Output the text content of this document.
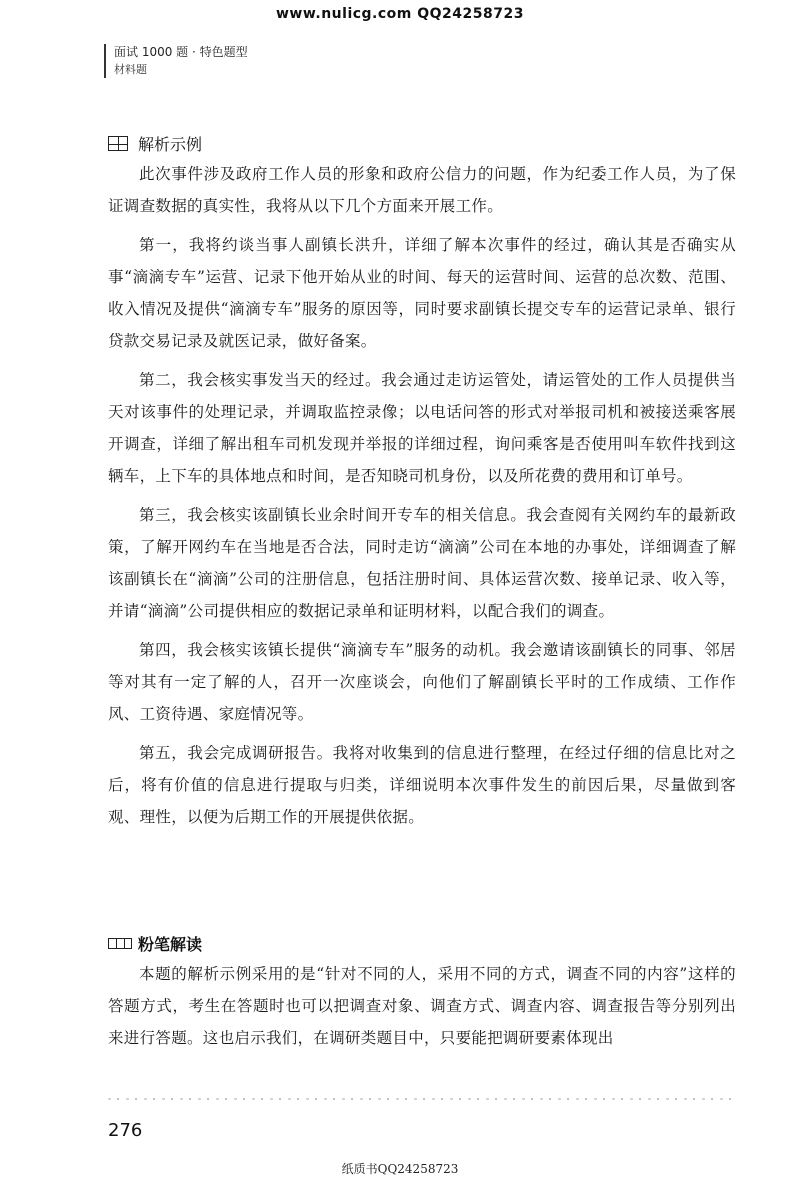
www.nulicg.com QQ24258723
面试 1000 题 · 特色题型
材料题
解析示例

此次事件涉及政府工作人员的形象和政府公信力的问题，作为纪委工作人员，为了保证调查数据的真实性，我将从以下几个方面来开展工作。

第一，我将约谈当事人副镇长洪升，详细了解本次事件的经过，确认其是否确实从事“滴滴专车”运营、记录下他开始从业的时间、每天的运营时间、运营的总次数、范围、收入情况及提供“滴滴专车”服务的原因等，同时要求副镇长提交专车的运营记录单、银行贷款交易记录及就医记录，做好备案。

第二，我会核实事发当天的经过。我会通过走访运管处，请运管处的工作人员提供当天对该事件的处理记录，并调取监控录像；以电话问答的形式对举报司机和被接送乘客展开调查，详细了解出租车司机发现并举报的详细过程，询问乘客是否使用叫车软件找到这辆车，上下车的具体地点和时间，是否知晓司机身份，以及所花费的费用和订单号。

第三，我会核实该副镇长业余时间开专车的相关信息。我会查阅有关网约车的最新政策，了解开网约车在当地是否合法，同时走访“滴滴”公司在本地的办事处，详细调查了解该副镇长在“滴滴”公司的注册信息，包括注册时间、具体运营次数、接单记录、收入等，并请“滴滴”公司提供相应的数据记录单和证明材料，以配合我们的调查。

第四，我会核实该镇长提供“滴滴专车”服务的动机。我会邀请该副镇长的同事、邻居等对其有一定了解的人，召开一次座谈会，向他们了解副镇长平时的工作成绩、工作作风、工资待遇、家庭情况等。

第五，我会完成调研报告。我将对收集到的信息进行整理，在经过仔细的信息比对之后，将有价值的信息进行提取与归类，详细说明本次事件发生的前因后果，尽量做到客观、理性，以便为后期工作的开展提供依据。

粉笔解读

本题的解析示例采用的是“针对不同的人，采用不同的方式，调查不同的内容”这样的答题方式，考生在答题时也可以把调查对象、调查方式、调查内容、调查报告等分别列出来进行答题。这也启示我们，在调研类题目中，只要能把调研要素体现出

276
纸质书QQ24258723
